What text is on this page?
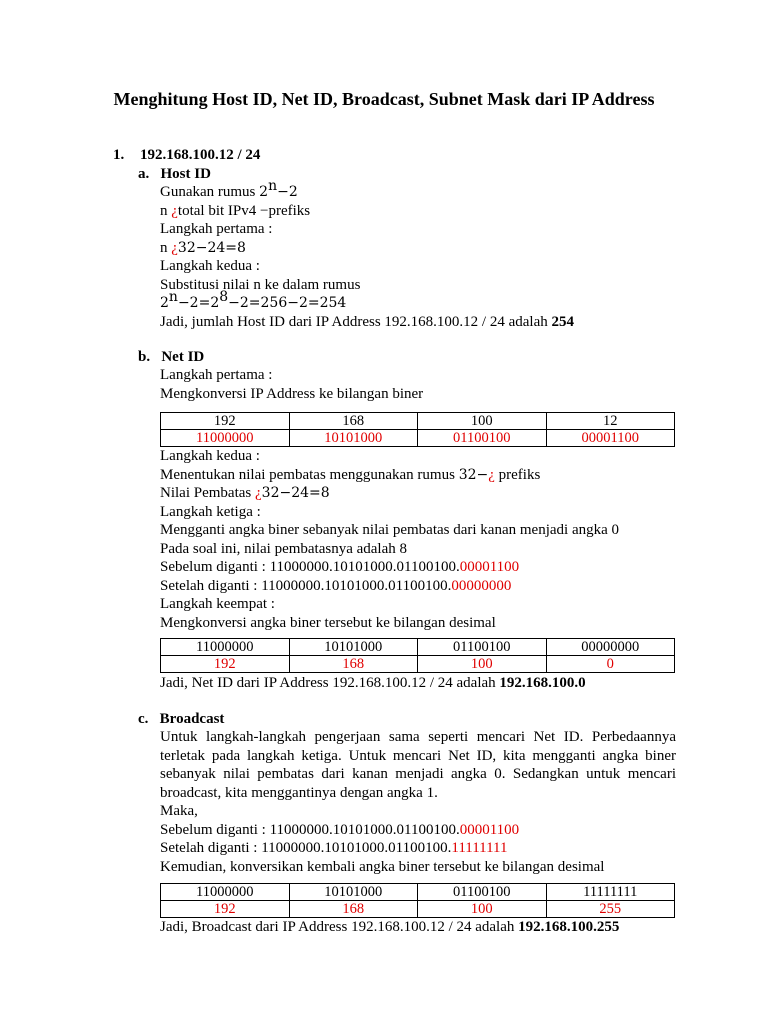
Menghitung Host ID, Net ID, Broadcast, Subnet Mask dari IP Address
1. 192.168.100.12 / 24
a. Host ID
Gunakan rumus $2^n-2$
n ¿total bit IPv4 −prefiks
Langkah pertama :
n ¿32−24=8
Langkah kedua :
Substitusi nilai n ke dalam rumus
$2^n-2=2^8-2=256-2=254$
Jadi, jumlah Host ID dari IP Address 192.168.100.12 / 24 adalah 254
b. Net ID
Langkah pertama :
Mengkonversi IP Address ke bilangan biner
192	168	100	12
11000000	10101000	01100100	00001100
Langkah kedua :
Menentukan nilai pembatas menggunakan rumus 32−¿ prefiks
Nilai Pembatas ¿32−24=8
Langkah ketiga :
Mengganti angka biner sebanyak nilai pembatas dari kanan menjadi angka 0
Pada soal ini, nilai pembatasnya adalah 8
Sebelum diganti : 11000000.10101000.01100100.00001100
Setelah diganti : 11000000.10101000.01100100.00000000
Langkah keempat :
Mengkonversi angka biner tersebut ke bilangan desimal
11000000	10101000	01100100	00000000
192	168	100	0
Jadi, Net ID dari IP Address 192.168.100.12 / 24 adalah 192.168.100.0
c. Broadcast
Untuk langkah-langkah pengerjaan sama seperti mencari Net ID. Perbedaannya
terletak pada langkah ketiga. Untuk mencari Net ID, kita mengganti angka biner
sebanyak nilai pembatas dari kanan menjadi angka 0. Sedangkan untuk mencari
broadcast, kita menggantinya dengan angka 1.
Maka,
Sebelum diganti : 11000000.10101000.01100100.00001100
Setelah diganti : 11000000.10101000.01100100.11111111
Kemudian, konversikan kembali angka biner tersebut ke bilangan desimal
11000000	10101000	01100100	11111111
192	168	100	255
Jadi, Broadcast dari IP Address 192.168.100.12 / 24 adalah 192.168.100.255
